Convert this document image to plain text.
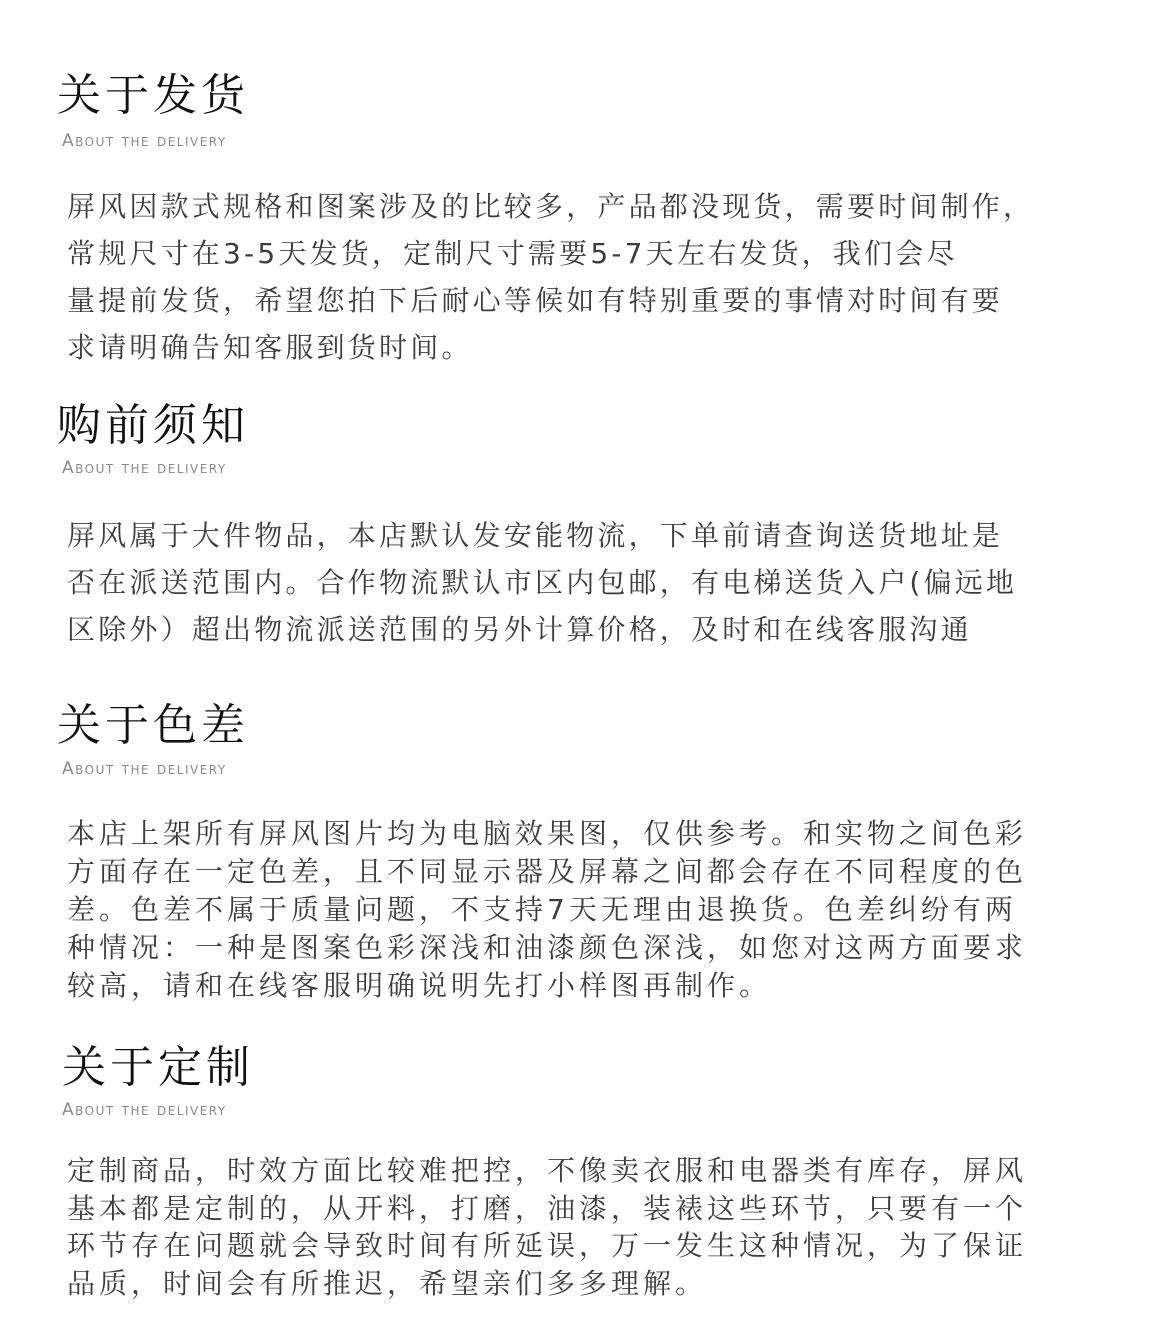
关于发货
About the delivery
屏风因款式规格和图案涉及的比较多，产品都没现货，需要时间制作，
常规尺寸在3-5天发货，定制尺寸需要5-7天左右发货，我们会尽
量提前发货，希望您拍下后耐心等候如有特别重要的事情对时间有要
求请明确告知客服到货时间。
购前须知
About the delivery
屏风属于大件物品，本店默认发安能物流，下单前请查询送货地址是
否在派送范围内。合作物流默认市区内包邮，有电梯送货入户(偏远地
区除外）超出物流派送范围的另外计算价格，及时和在线客服沟通
关于色差
About the delivery
本店上架所有屏风图片均为电脑效果图，仅供参考。和实物之间色彩
方面存在一定色差，且不同显示器及屏幕之间都会存在不同程度的色
差。色差不属于质量问题，不支持7天无理由退换货。色差纠纷有两
种情况：一种是图案色彩深浅和油漆颜色深浅，如您对这两方面要求
较高，请和在线客服明确说明先打小样图再制作。
关于定制
About the delivery
定制商品，时效方面比较难把控，不像卖衣服和电器类有库存，屏风
基本都是定制的，从开料，打磨，油漆，装裱这些环节，只要有一个
环节存在问题就会导致时间有所延误，万一发生这种情况，为了保证
品质，时间会有所推迟，希望亲们多多理解。
